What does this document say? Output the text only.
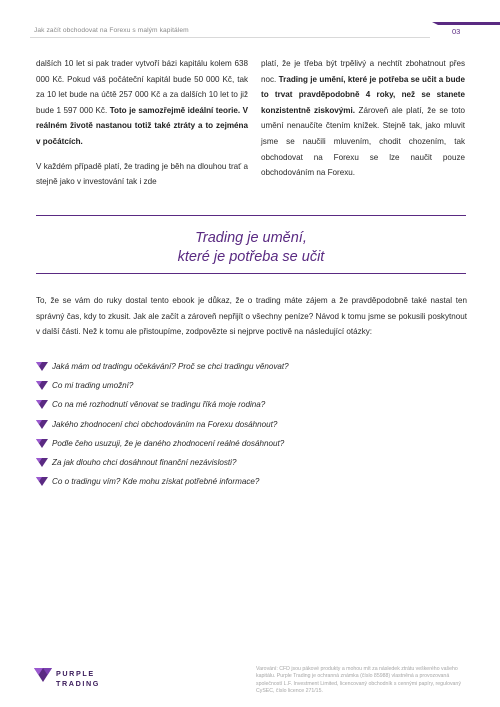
Jak začít obchodovat na Forexu s malým kapitálem	03

dalších 10 let si pak trader vytvoří bázi kapitálu kolem 638 000 Kč. Pokud váš počáteční kapitál bude 50 000 Kč, tak za 10 let bude na účtě 257 000 Kč a za dalších 10 let to již bude 1 597 000 Kč. Toto je samozřejmě ideální teorie. V reálném životě nastanou totiž také ztráty a to zejména v počátcích.

V každém případě platí, že trading je běh na dlouhou trať a stejně jako v investování tak i zde

platí, že je třeba být trpělivý a nechtít zbohatnout přes noc. Trading je umění, které je potřeba se učit a bude to trvat pravděpodobně 4 roky, než se stanete konzistentně ziskovými. Zároveň ale platí, že se toto umění nenaučíte čtením knížek. Stejně tak, jako mluvit jsme se naučili mluvením, chodit chozením, tak obchodovat na Forexu se lze naučit pouze obchodováním na Forexu.

Trading je umění,
které je potřeba se učit

To, že se vám do ruky dostal tento ebook je důkaz, že o trading máte zájem a že pravděpodobně také nastal ten správný čas, kdy to zkusit. Jak ale začít a zároveň nepřijít o všechny peníze? Návod k tomu jsme se pokusili poskytnout v další části. Než k tomu ale přistoupíme, zodpovězte si nejprve poctivě na následující otázky:

Jaká mám od tradingu očekávání? Proč se chci tradingu věnovat?
Co mi trading umožní?
Co na mé rozhodnutí věnovat se tradingu říká moje rodina?
Jakého zhodnocení chci obchodováním na Forexu dosáhnout?
Podle čeho usuzuji, že je daného zhodnocení reálné dosáhnout?
Za jak dlouho chci dosáhnout finanční nezávislosti?
Co o tradingu vím? Kde mohu získat potřebné informace?
PURPLE
TRADING
Varování: CFD jsou pákové produkty a mohou mít za následek ztrátu veškerého vašeho kapitálu. Purple Trading je ochranná známka (číslo 85988) vlastněná a provozovaná společností L.F. Investment Limited, licencovaný obchodník s cennými papíry, regulovaný CySEC, číslo licence 271/15.
